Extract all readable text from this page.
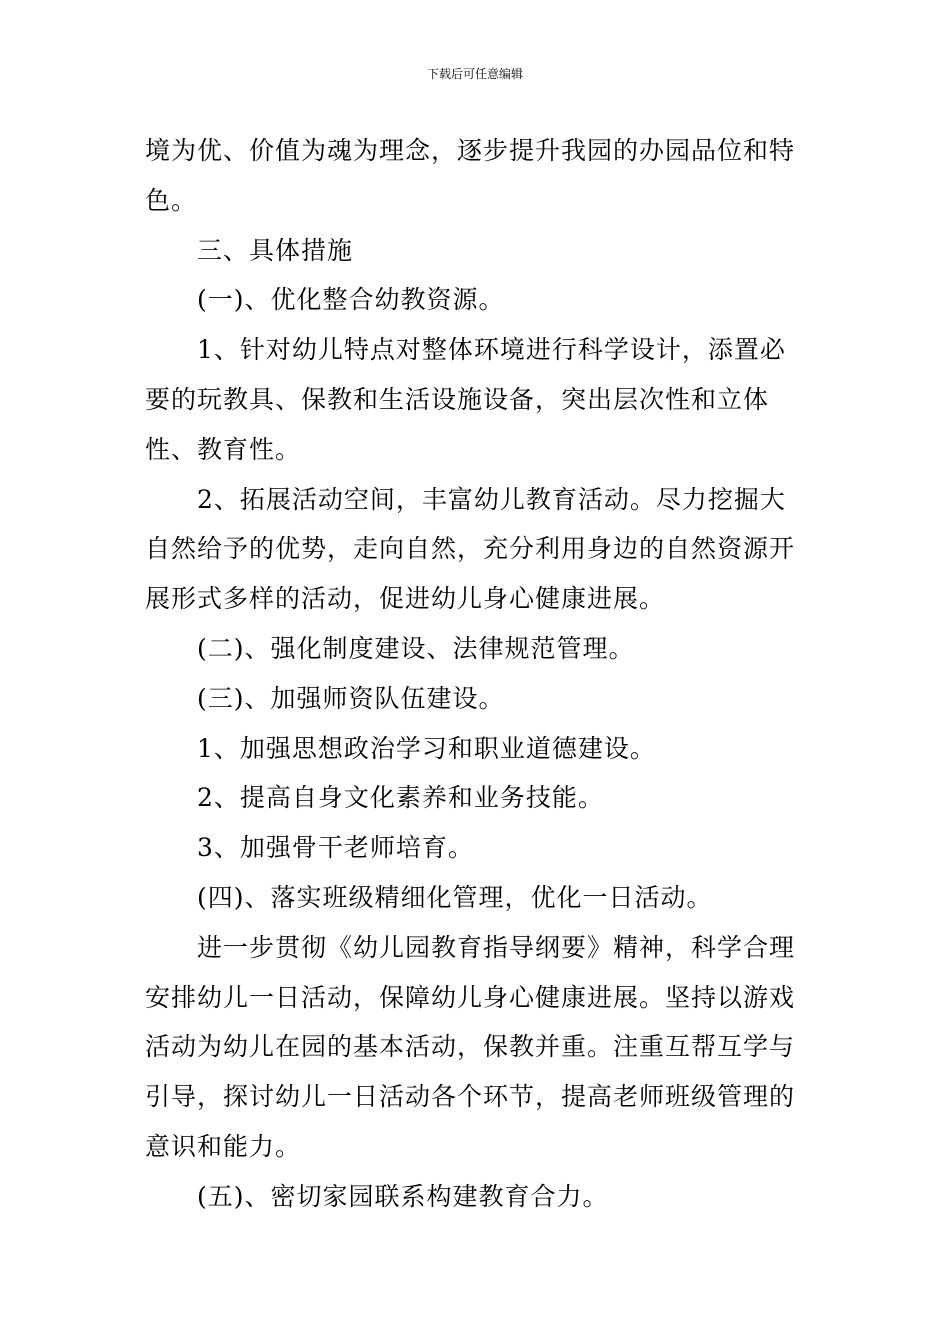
下载后可任意编辑

境为优、价值为魂为理念，逐步提升我园的办园品位和特色。

三、具体措施

(一)、优化整合幼教资源。

1、针对幼儿特点对整体环境进行科学设计，添置必要的玩教具、保教和生活设施设备，突出层次性和立体性、教育性。

2、拓展活动空间，丰富幼儿教育活动。尽力挖掘大自然给予的优势，走向自然，充分利用身边的自然资源开展形式多样的活动，促进幼儿身心健康进展。

(二)、强化制度建设、法律规范管理。

(三)、加强师资队伍建设。

1、加强思想政治学习和职业道德建设。

2、提高自身文化素养和业务技能。

3、加强骨干老师培育。

(四)、落实班级精细化管理，优化一日活动。

进一步贯彻《幼儿园教育指导纲要》精神，科学合理安排幼儿一日活动，保障幼儿身心健康进展。坚持以游戏活动为幼儿在园的基本活动，保教并重。注重互帮互学与引导，探讨幼儿一日活动各个环节，提高老师班级管理的意识和能力。

(五)、密切家园联系构建教育合力。
